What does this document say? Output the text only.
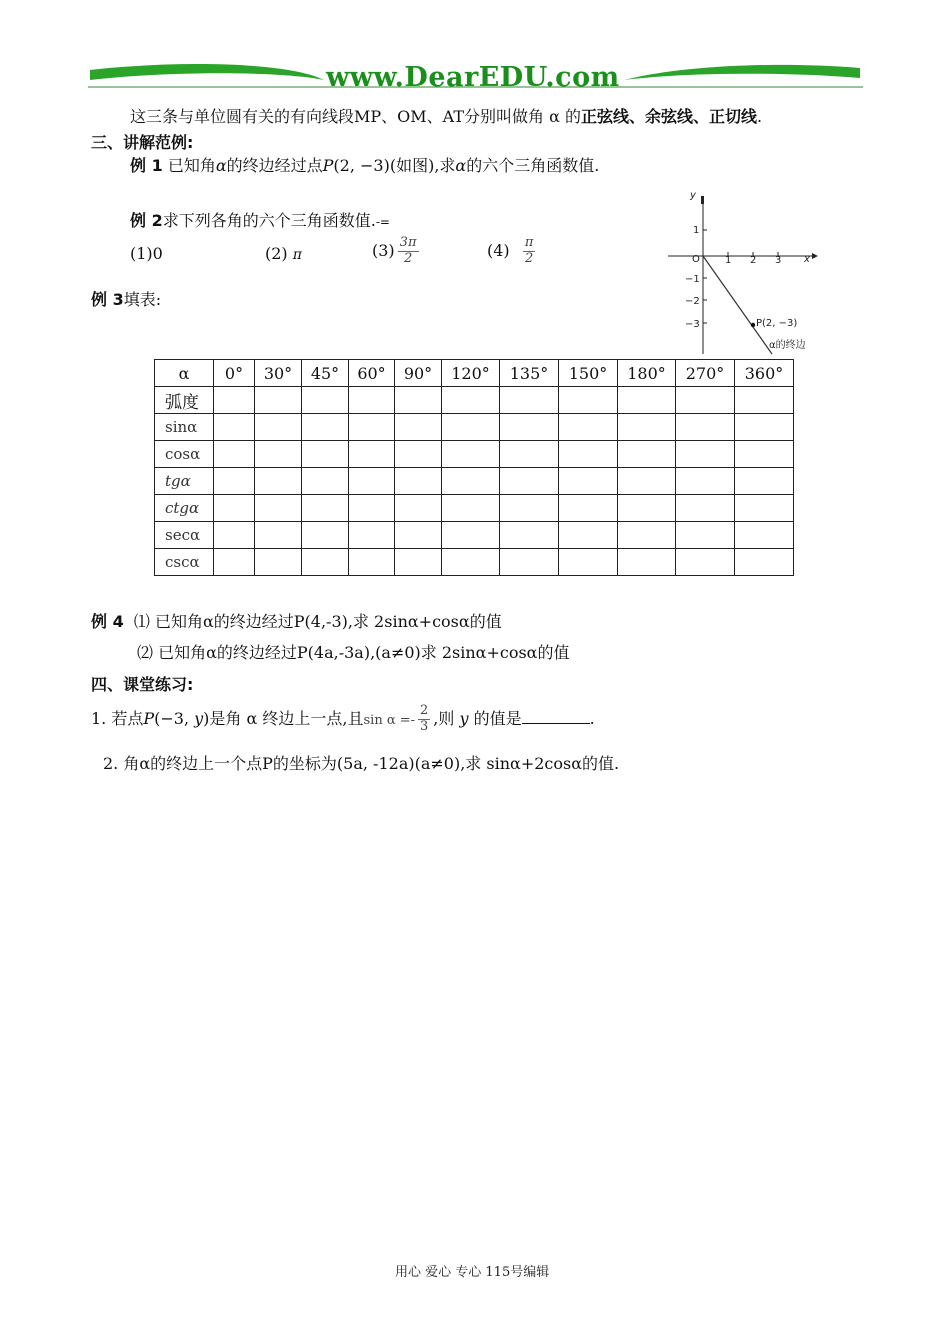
www.DearEDU.com
这三条与单位圆有关的有向线段MP、OM、AT分别叫做角 α 的正弦线、余弦线、正切线.
三、讲解范例:
例 1 已知角α的终边经过点P(2, −3)(如图),求α的六个三角函数值.
例 2求下列各角的六个三角函数值.-=
(1)0	(2) π	$(3) \frac{3\pi}{2}$	$(4) \frac{\pi}{2}$
例 3填表:
y
x
O	1 2 3
1
−1
−2
−3	P(2, −3)
α的终边
α	0°	30°	45°	60°	90°	120°	135°	150°	180°	270°	360°
弧度											
sinα											
cosα											
tgα											
ctgα											
secα											
cscα											
例 4 ⑴ 已知角α的终边经过P(4,-3),求 2sinα+cosα的值
⑵ 已知角α的终边经过P(4a,-3a),(a≠0)求 2sinα+cosα的值
四、课堂练习:
1. 若点P(−3, y)是角 α 终边上一点,且$\sin \alpha =- \frac{2}{3}$ ,则 y 的值是	.
2. 角α的终边上一个点P的坐标为(5a, -12a)(a≠0),求 sinα+2cosα的值.
用心 爱心 专心 115号编辑
